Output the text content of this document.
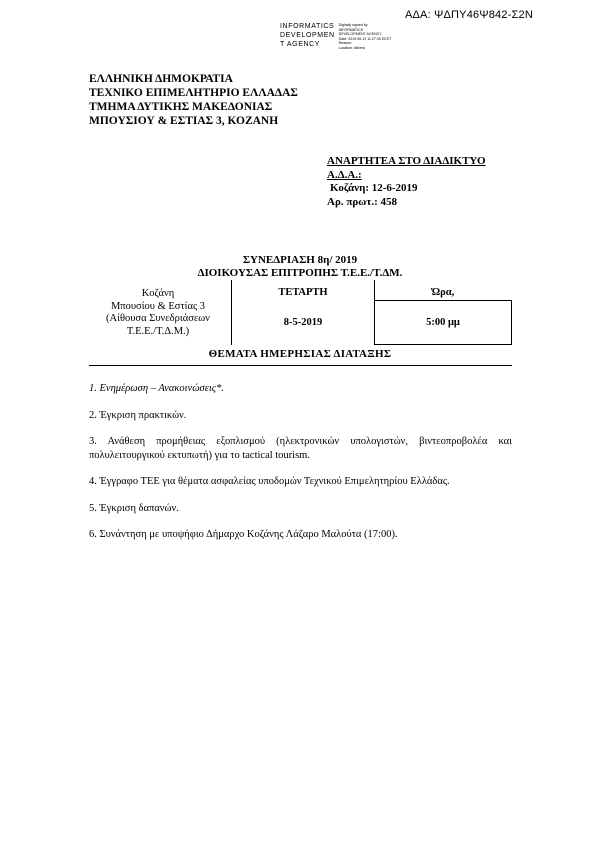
ΑΔΑ: ΨΔΠΥ46Ψ842-Σ2Ν
INFORMATICS
DEVELOPMEN
T AGENCY
Digitally signed by
INFORMATICS
DEVELOPMENT AGENCY
Date: 2019.06.12 11:27:35 EEST
Reason:
Location: Athens
ΕΛΛΗΝΙΚΗ ΔΗΜΟΚΡΑΤΙΑ
ΤΕΧΝΙΚΟ ΕΠΙΜΕΛΗΤΗΡΙΟ ΕΛΛΑΔΑΣ
ΤΜΗΜΑ ΔΥΤΙΚΗΣ ΜΑΚΕΔΟΝΙΑΣ
ΜΠΟΥΣΙΟΥ & ΕΣΤΙΑΣ 3, ΚΟΖΑΝΗ
ΑΝΑΡΤΗΤΕΑ ΣΤΟ ΔΙΑΔΙΚΤΥΟ
Α.Δ.Α.:
Κοζάνη: 12-6-2019
Αρ. πρωτ.: 458
ΣΥΝΕΔΡΙΑΣΗ 8η/ 2019
ΔΙΟΙΚΟΥΣΑΣ ΕΠΙΤΡΟΠΗΣ Τ.Ε.Ε./Τ.ΔΜ.
Κοζάνη
Μπουσίου & Εστίας 3
(Αίθουσα Συνεδριάσεων
Τ.Ε.Ε./Τ.Δ.Μ.)
ΤΕΤΑΡΤΗ
8-5-2019
Ώρα,
5:00 μμ
ΘΕΜΑΤΑ ΗΜΕΡΗΣΙΑΣ ΔΙΑΤΑΞΗΣ
1. Ενημέρωση – Ανακοινώσεις*.
2. Έγκριση πρακτικών.
3. Ανάθεση προμήθειας εξοπλισμού (ηλεκτρονικών υπολογιστών, βιντεοπροβολέα και πολυλειτουργικού εκτυπωτή) για το tactical tourism.
4. Έγγραφο ΤΕΕ για θέματα ασφαλείας υποδομών Τεχνικού Επιμελητηρίου Ελλάδας.
5. Έγκριση δαπανών.
6. Συνάντηση με υποψήφιο Δήμαρχο Κοζάνης Λάζαρο Μαλούτα (17:00).
